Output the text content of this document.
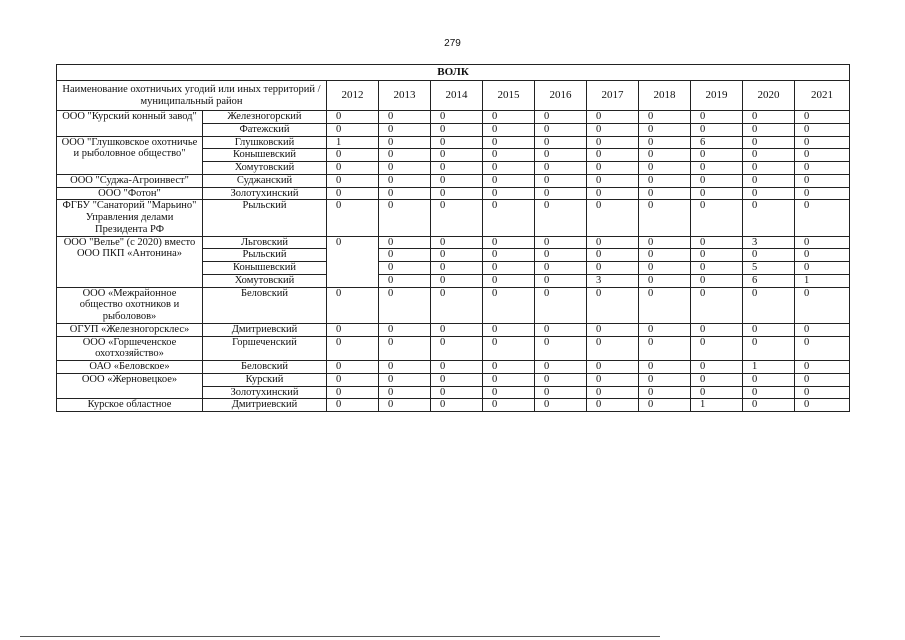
279
ВОЛК											
Наименование охотничьих угодий или иных территорий /муниципальный район		2012	2013	2014	2015	2016	2017	2018	2019	2020	2021
ООО "Курский конный завод"	Железногорский	0	0	0	0	0	0	0	0	0	0
	Фатежский	0	0	0	0	0	0	0	0	0	0
ООО "Глушковское охотничье и рыболовное общество"	Глушковский	1	0	0	0	0	0	0	6	0	0
	Конышевский	0	0	0	0	0	0	0	0	0	0
	Хомутовский	0	0	0	0	0	0	0	0	0	0
ООО "Суджа-Агроинвест"	Суджанский	0	0	0	0	0	0	0	0	0	0
ООО "Фотон"	Золотухинский	0	0	0	0	0	0	0	0	0	0
ФГБУ "Санаторий "Марьино" Управления делами Президента РФ	Рыльский	0	0	0	0	0	0	0	0	0	0
ООО "Велье" (с 2020) вместо ООО ПКП «Антонина»	Льговский	0	0	0	0	0	0	0	0	3	0
	Рыльский		0	0	0	0	0	0	0	0	0
	Конышевский		0	0	0	0	0	0	0	5	0
	Хомутовский		0	0	0	0	3	0	0	6	1
ООО «Межрайонное общество охотников и рыболовов»	Беловский	0	0	0	0	0	0	0	0	0	0
ОГУП «Железногорсклес»	Дмитриевский	0	0	0	0	0	0	0	0	0	0
ООО «Горшеченское охотхозяйство»	Горшеченский	0	0	0	0	0	0	0	0	0	0
ОАО «Беловское»	Беловский	0	0	0	0	0	0	0	0	1	0
ООО «Жерновецкое»	Курский	0	0	0	0	0	0	0	0	0	0
	Золотухинский	0	0	0	0	0	0	0	0	0	0
Курское областное	Дмитриевский	0	0	0	0	0	0	0	1	0	0
